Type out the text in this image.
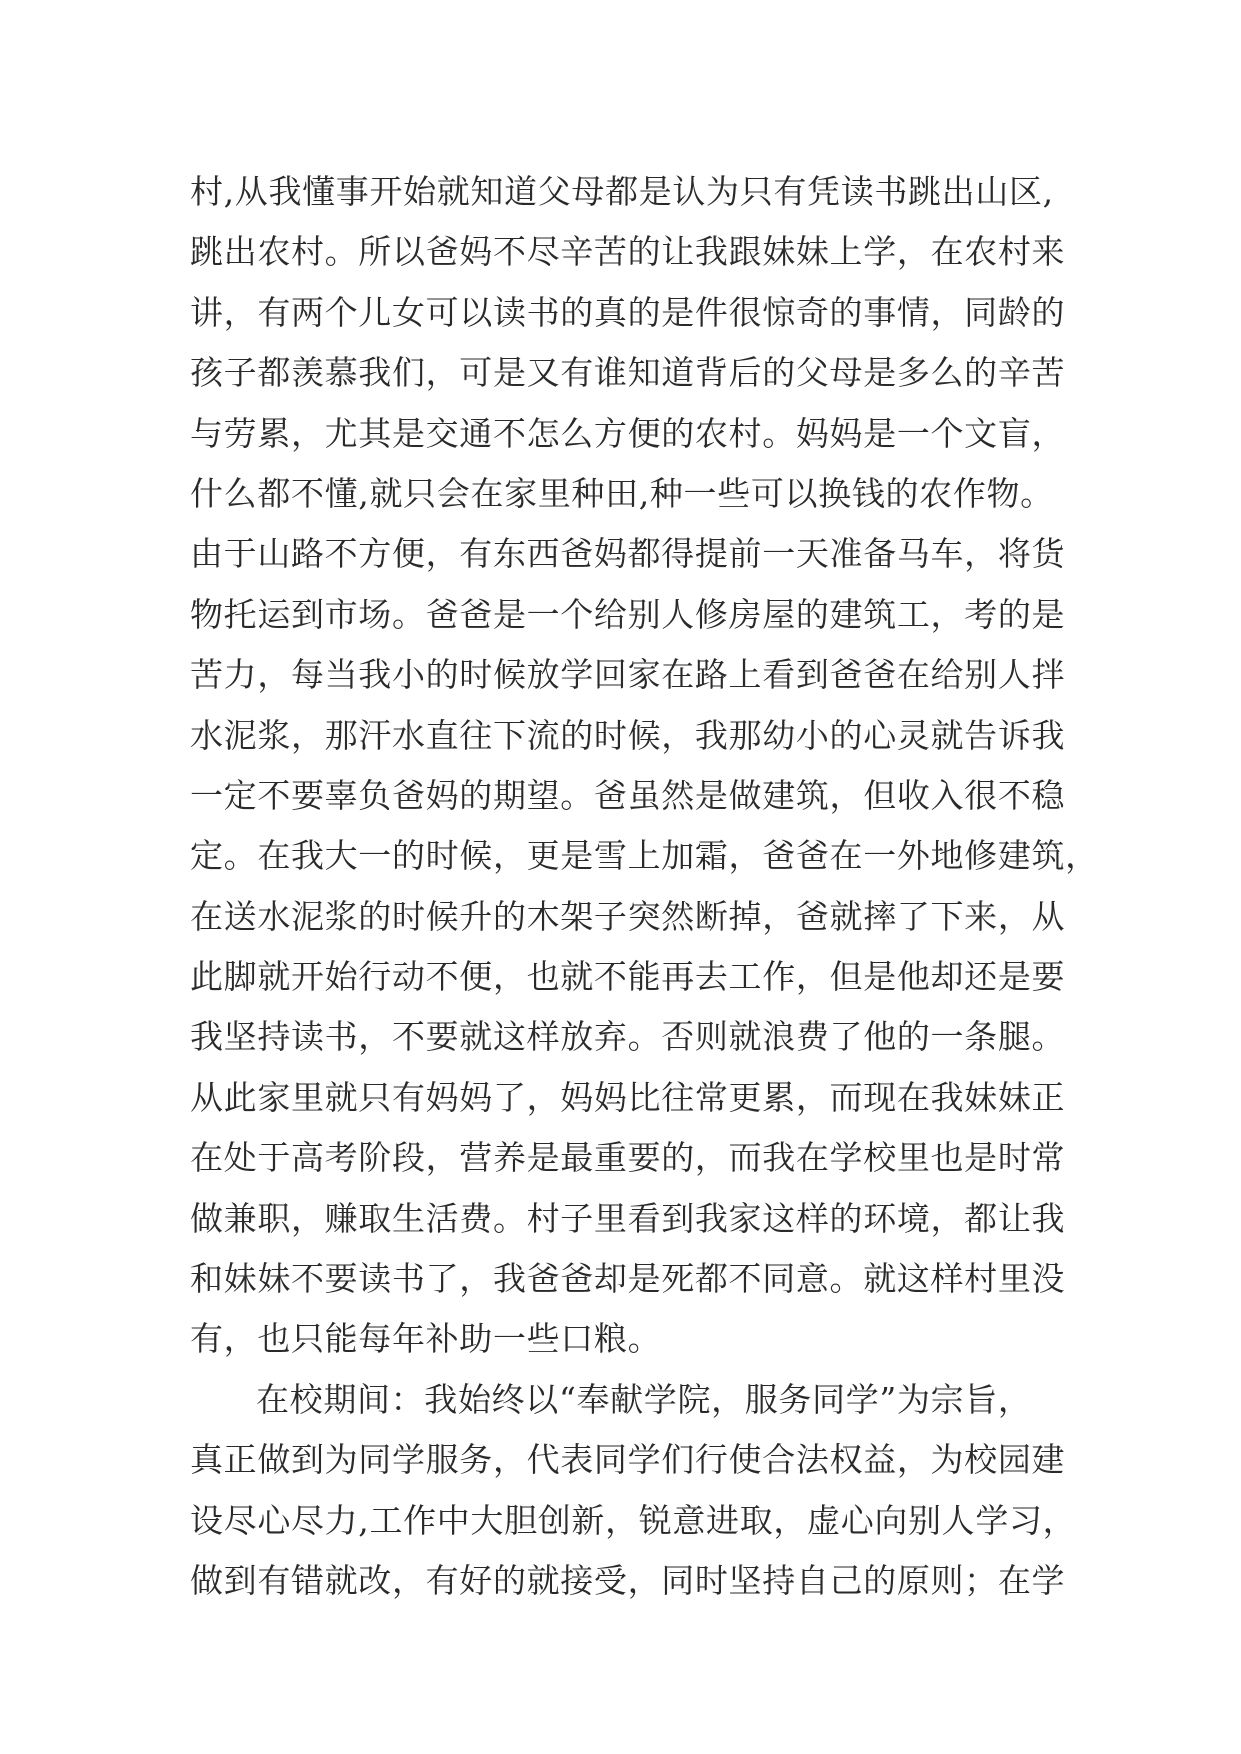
村,从我懂事开始就知道父母都是认为只有凭读书跳出山区,
跳出农村。所以爸妈不尽辛苦的让我跟妹妹上学，在农村来
讲，有两个儿女可以读书的真的是件很惊奇的事情，同龄的
孩子都羡慕我们，可是又有谁知道背后的父母是多么的辛苦
与劳累，尤其是交通不怎么方便的农村。妈妈是一个文盲，
什么都不懂,就只会在家里种田,种一些可以换钱的农作物。
由于山路不方便，有东西爸妈都得提前一天准备马车，将货
物托运到市场。爸爸是一个给别人修房屋的建筑工，考的是
苦力，每当我小的时候放学回家在路上看到爸爸在给别人拌
水泥浆，那汗水直往下流的时候，我那幼小的心灵就告诉我
一定不要辜负爸妈的期望。爸虽然是做建筑，但收入很不稳
定。在我大一的时候，更是雪上加霜，爸爸在一外地修建筑，
在送水泥浆的时候升的木架子突然断掉，爸就摔了下来，从
此脚就开始行动不便，也就不能再去工作，但是他却还是要
我坚持读书，不要就这样放弃。否则就浪费了他的一条腿。
从此家里就只有妈妈了，妈妈比往常更累，而现在我妹妹正
在处于高考阶段，营养是最重要的，而我在学校里也是时常
做兼职，赚取生活费。村子里看到我家这样的环境，都让我
和妹妹不要读书了，我爸爸却是死都不同意。就这样村里没
有，也只能每年补助一些口粮。
在校期间：我始终以“奉献学院，服务同学”为宗旨，
真正做到为同学服务，代表同学们行使合法权益，为校园建
设尽心尽力,工作中大胆创新，锐意进取，虚心向别人学习，
做到有错就改，有好的就接受，同时坚持自己的原则；在学
